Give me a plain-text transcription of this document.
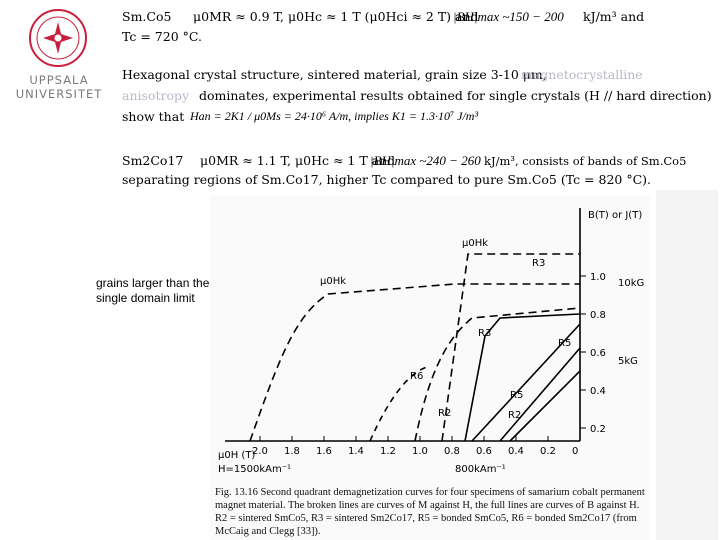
UPPSALA
UNIVERSITET
Sm.Co5 μ0MR ≈ 0.9 T, μ0Hc ≈ 1 T (μ0Hci ≈ 2 T) and
|BH|max ~150 − 200 kJ/m³ and
Tc = 720 °C.
Hexagonal crystal structure, sintered material, grain size 3-10 μm,
magnetocrystalline
anisotropy dominates, experimental results obtained for single crystals (H // hard direction)
show that Han = 2K1 / μ0Ms = 24·10⁶ A/m, implies K1 = 1.3·10⁷ J/m³
Sm2Co17 μ0MR ≈ 1.1 T, μ0Hc ≈ 1 T and
|BH|max ~240 − 260 kJ/m³, consists of bands of Sm.Co5
separating regions of Sm.Co17, higher Tc compared to pure Sm.Co5 (Tc = 820 °C).
1.0
0.8
0.6
0.4
0.2
2.0 1.8 1.6 1.4 1.2 1.0 0.8 0.6 0.4 0.2 0
B(T) or J(T)
μ0H (T)
H=1500kAm⁻¹	800kAm⁻¹
10kG
5kG
μ0Hk
μ0Hk
R3
R3
R5
R6
R2
R5
R2
grains larger than the single domain limit
Fig. 13.16 Second quadrant demagnetization curves for four specimens of samarium cobalt permanent magnet material. The broken lines are curves of M against H, the full lines are curves of B against H. R2 = sintered SmCo5, R3 = sintered Sm2Co17, R5 = bonded SmCo5, R6 = bonded Sm2Co17 (from McCaig and Clegg [33]).
